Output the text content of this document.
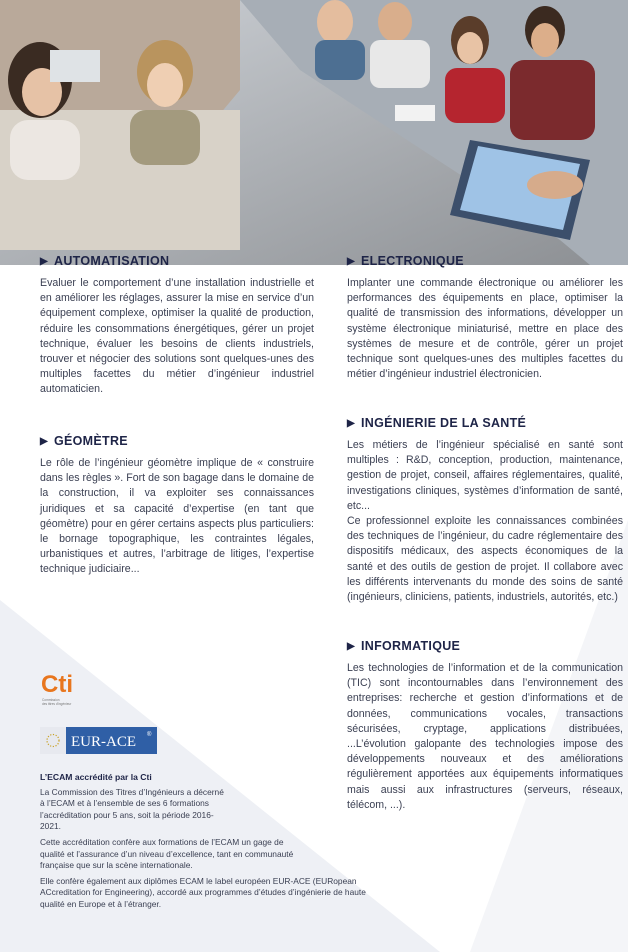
▶ AUTOMATISATION

Evaluer le comportement d’une installation industrielle et en améliorer les réglages, assurer la mise en service d’un équipement complexe, optimiser la qualité de production, réduire les consommations énergétiques, gérer un projet technique, évaluer les besoins de clients industriels, trouver et négocier des solutions sont quelques-unes des multiples facettes du métier d’ingénieur industriel automaticien.

▶ GÉOMÈTRE

Le rôle de l’ingénieur géomètre implique de « construire dans les règles ». Fort de son bagage dans le domaine de la construction, il va exploiter ses connaissances juridiques et sa capacité d’expertise (en tant que géomètre) pour en gérer certains aspects plus particuliers: le bornage topographique, les contraintes légales, urbanistiques et autres, l’arbitrage de litiges, l’expertise technique judiciaire...

▶ ELECTRONIQUE

Implanter une commande électronique ou améliorer les performances des équipements en place, optimiser la qualité de transmission des informations, développer un système électronique miniaturisé, mettre en place des systèmes de mesure et de contrôle, gérer un projet technique sont quelques-unes des multiples facettes du métier d’ingénieur industriel électronicien.

▶ INGÉNIERIE DE LA SANTÉ

Les métiers de l’ingénieur spécialisé en santé sont multiples : R&D, conception, production, maintenance, gestion de projet, conseil, affaires réglementaires, qualité, investigations cliniques, systèmes d’information de santé, etc...

Ce professionnel exploite les connaissances combinées des techniques de l’ingénieur, du cadre réglementaire des dispositifs médicaux, des aspects économiques de la santé et des outils de gestion de projet. Il collabore avec les différents intervenants du monde des soins de santé (ingénieurs, cliniciens, patients, industriels, autorités, etc.)

▶ INFORMATIQUE

Les technologies de l’information et de la communication (TIC) sont incontournables dans l’environnement des entreprises: recherche et gestion d’informations et de données, communications vocales, transactions sécurisées, cryptage, applications distribuées, ...L’évolution galopante des technologies impose des développements nouveaux et des améliorations régulièrement apportées aux équipements informatiques mais aussi aux infrastructures (serveurs, réseaux, télécom, ...).

Cti
Commission
des titres d'ingénieur
EUR-ACE ®
L’ECAM accrédité par la Cti

La Commission des Titres d’Ingénieurs a décerné à l’ECAM et à l’ensemble de ses 6 formations l’accréditation pour 5 ans, soit la période 2016-2021.

Cette accréditation confère aux formations de l’ECAM un gage de qualité et l’assurance d’un niveau d’excellence, tant en communauté française que sur la scène internationale.

Elle confère également aux diplômes ECAM le label européen EUR-ACE (EURopean ACcreditation for Engineering), accordé aux programmes d’études d’ingénierie de haute qualité en Europe et à l’étranger.
